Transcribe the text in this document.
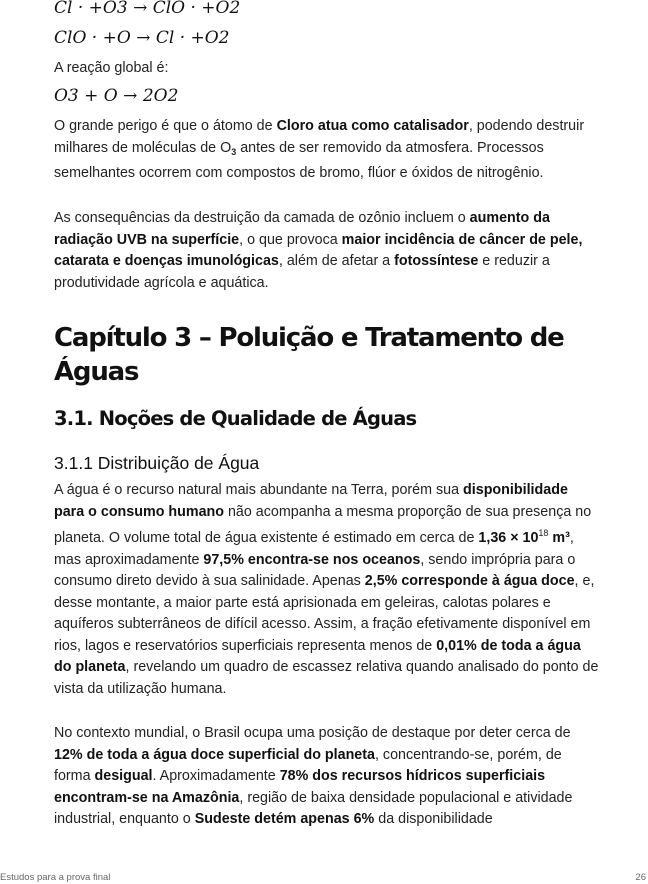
Cl · +O3 → ClO · +O2
ClO · +O → Cl · +O2

A reação global é:

O3 + O → 2O2

O grande perigo é que o átomo de Cloro atua como catalisador, podendo destruir milhares de moléculas de $O_3$ antes de ser removido da atmosfera. Processos semelhantes ocorrem com compostos de bromo, flúor e óxidos de nitrogênio.

As consequências da destruição da camada de ozônio incluem o aumento da radiação UVB na superfície, o que provoca maior incidência de câncer de pele, catarata e doenças imunológicas, além de afetar a fotossíntese e reduzir a produtividade agrícola e aquática.

Capítulo 3 – Poluição e Tratamento de Águas
3.1. Noções de Qualidade de Águas
3.1.1 Distribuição de Água

A água é o recurso natural mais abundante na Terra, porém sua disponibilidade para o consumo humano não acompanha a mesma proporção de sua presença no planeta. O volume total de água existente é estimado em cerca de $1,36 \times 10^{18}$ m³, mas aproximadamente 97,5% encontra-se nos oceanos, sendo imprópria para o consumo direto devido à sua salinidade. Apenas 2,5% corresponde à água doce, e, desse montante, a maior parte está aprisionada em geleiras, calotas polares e aquíferos subterrâneos de difícil acesso. Assim, a fração efetivamente disponível em rios, lagos e reservatórios superficiais representa menos de 0,01% de toda a água do planeta, revelando um quadro de escassez relativa quando analisado do ponto de vista da utilização humana.

No contexto mundial, o Brasil ocupa uma posição de destaque por deter cerca de 12% de toda a água doce superficial do planeta, concentrando-se, porém, de forma desigual. Aproximadamente 78% dos recursos hídricos superficiais encontram-se na Amazônia, região de baixa densidade populacional e atividade industrial, enquanto o Sudeste detém apenas 6% da disponibilidade

Estudos para a prova final	26
